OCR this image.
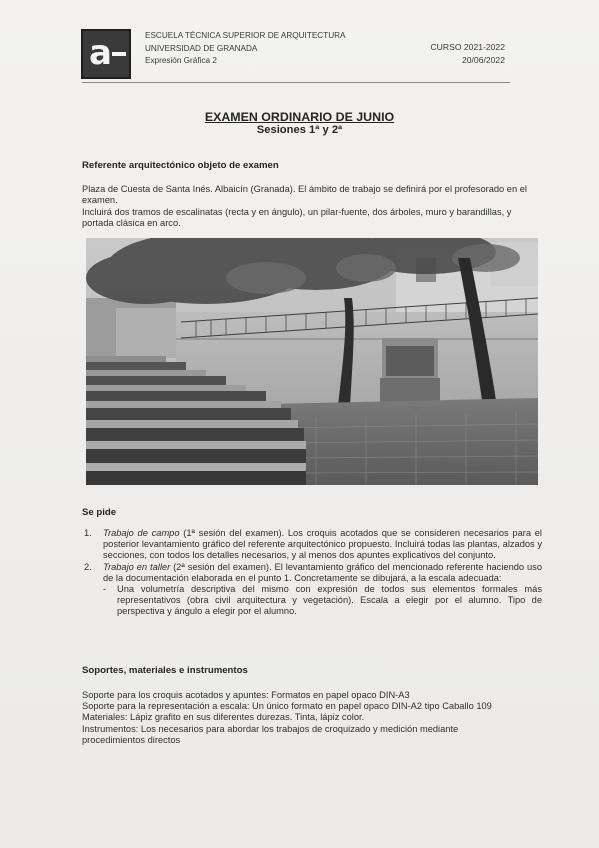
a	ESCUELA TÉCNICA SUPERIOR DE ARQUITECTURA
UNIVERSIDAD DE GRANADA
Expresión Gráfica 2
CURSO 2021-2022
20/06/2022
EXAMEN ORDINARIO DE JUNIO
Sesiones 1ª y 2ª
Referente arquitectónico objeto de examen
Plaza de Cuesta de Santa Inés. Albaicín (Granada). El ámbito de trabajo se definirá por el profesorado en el examen.
Incluirá dos tramos de escalinatas (recta y en ángulo), un pilar-fuente, dos árboles, muro y barandillas, y portada clásica en arco.
Se pide
1. Trabajo de campo (1ª sesión del examen). Los croquis acotados que se consideren necesarios para el posterior levantamiento gráfico del referente arquitectónico propuesto. Incluirá todas las plantas, alzados y secciones, con todos los detalles necesarios, y al menos dos apuntes explicativos del conjunto.
2. Trabajo en taller (2ª sesión del examen). El levantamiento gráfico del mencionado referente haciendo uso de la documentación elaborada en el punto 1. Concretamente se dibujará, a la escala adecuada:
- Una volumetría descriptiva del mismo con expresión de todos sus elementos formales más representativos (obra civil arquitectura y vegetación). Escala a elegir por el alumno. Tipo de perspectiva y ángulo a elegir por el alumno.
Soportes, materiales e instrumentos
Soporte para los croquis acotados y apuntes: Formatos en papel opaco DIN-A3
Soporte para la representación a escala: Un único formato en papel opaco DIN-A2 tipo Caballo 109
Materiales: Lápiz grafito en sus diferentes durezas. Tinta, lápiz color.
Instrumentos: Los necesarios para abordar los trabajos de croquizado y medición mediante
procedimientos directos
